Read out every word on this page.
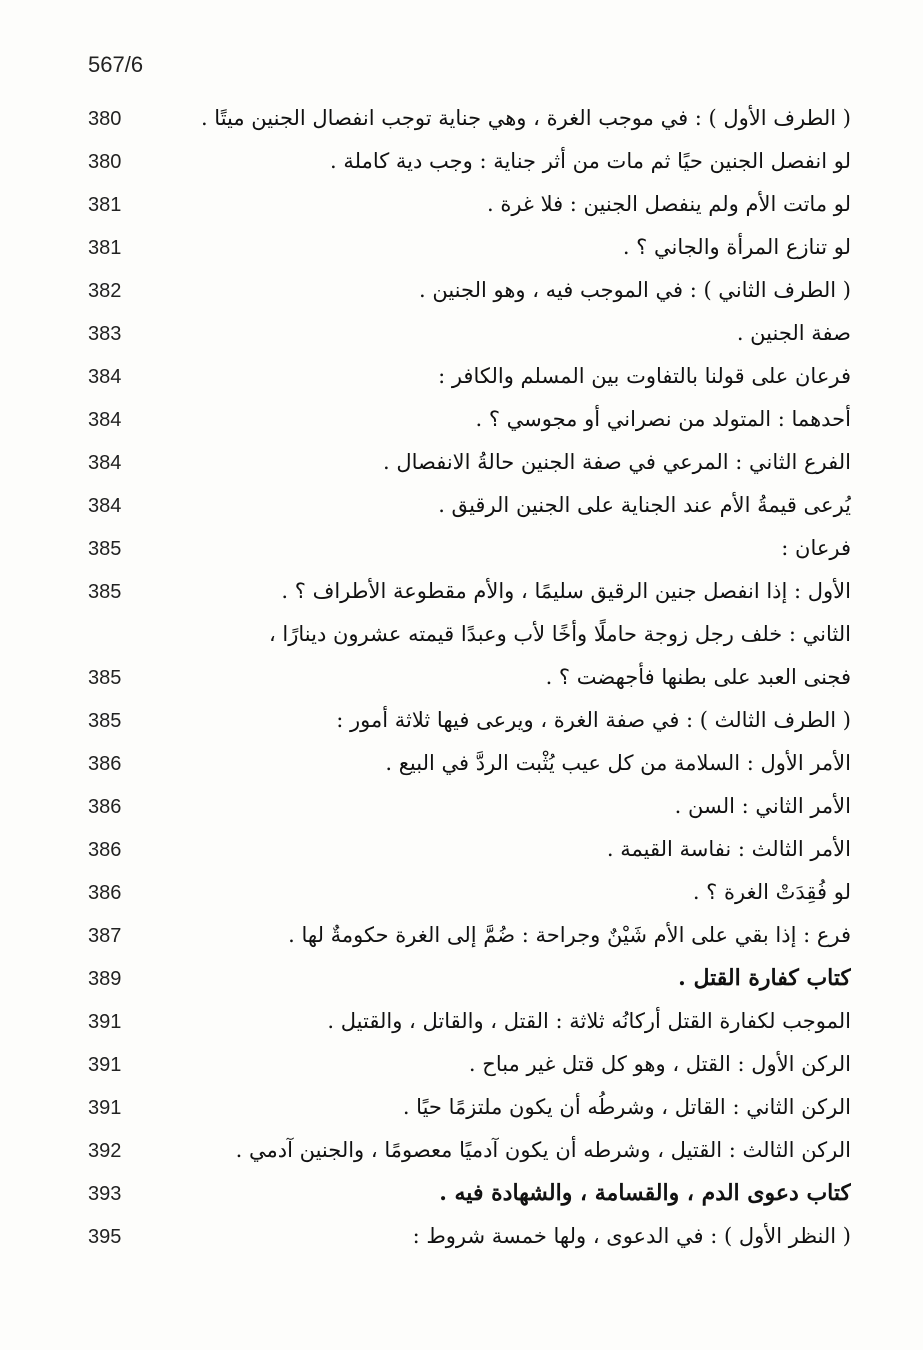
567/6
( الطرف الأول ) : في موجب الغرة ، وهي جناية توجب انفصال الجنين ميتًا .
380
لو انفصل الجنين حيًا ثم مات من أثر جناية : وجب دية كاملة .
380
لو ماتت الأم ولم ينفصل الجنين : فلا غرة .
381
لو تنازع المرأة والجاني ؟ .
381
( الطرف الثاني ) : في الموجب فيه ، وهو الجنين .
382
صفة الجنين .
383
فرعان على قولنا بالتفاوت بين المسلم والكافر :
384
أحدهما : المتولد من نصراني أو مجوسي ؟ .
384
الفرع الثاني : المرعي في صفة الجنين حالةُ الانفصال .
384
يُرعى قيمةُ الأم عند الجناية على الجنين الرقيق .
384
فرعان :
385
الأول : إذا انفصل جنين الرقيق سليمًا ، والأم مقطوعة الأطراف ؟ .
385
الثاني : خلف رجل زوجة حاملًا وأخًا لأب وعبدًا قيمته عشرون دينارًا ،
فجنى العبد على بطنها فأجهضت ؟ .
385
( الطرف الثالث ) : في صفة الغرة ، ويرعى فيها ثلاثة أمور :
385
الأمر الأول : السلامة من كل عيب يُثْبت الردَّ في البيع .
386
الأمر الثاني : السن .
386
الأمر الثالث : نفاسة القيمة .
386
لو فُقِدَتْ الغرة ؟ .
386
فرع : إذا بقي على الأم شَيْنٌ وجراحة : ضُمَّ إلى الغرة حكومةٌ لها .
387
كتاب كفارة القتل .
389
الموجب لكفارة القتل أركانُه ثلاثة : القتل ، والقاتل ، والقتيل .
391
الركن الأول : القتل ، وهو كل قتل غير مباح .
391
الركن الثاني : القاتل ، وشرطُه أن يكون ملتزمًا حيًا .
391
الركن الثالث : القتيل ، وشرطه أن يكون آدميًا معصومًا ، والجنين آدمي .
392
كتاب دعوى الدم ، والقسامة ، والشهادة فيه .
393
( النظر الأول ) : في الدعوى ، ولها خمسة شروط :
395
